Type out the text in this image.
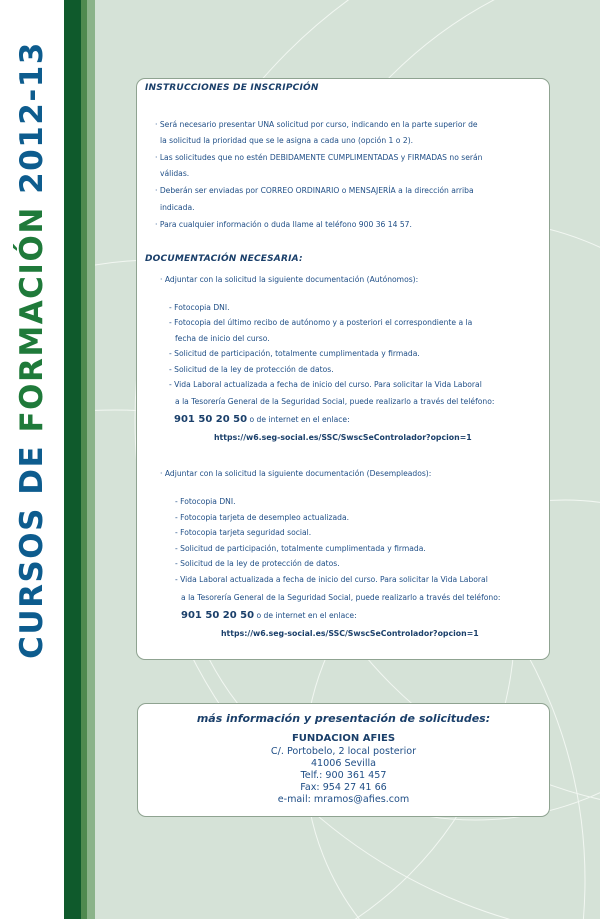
CURSOS DE FORMACIÓN 2012-13	INSTRUCCIONES DE INSCRIPCIÓN
· Será necesario presentar UNA solicitud por curso, indicando en la parte superior de
la solicitud la prioridad que se le asigna a cada uno (opción 1 o 2).
· Las solicitudes que no estén DEBIDAMENTE CUMPLIMENTADAS y FIRMADAS no serán
válidas.
· Deberán ser enviadas por CORREO ORDINARIO o MENSAJERÍA a la dirección arriba
indicada.
· Para cualquier información o duda llame al teléfono 900 36 14 57.
DOCUMENTACIÓN NECESARIA:
· Adjuntar con la solicitud la siguiente documentación (Autónomos):
- Fotocopia DNI.
- Fotocopia del último recibo de autónomo y a posteriori el correspondiente a la
fecha de inicio del curso.
- Solicitud de participación, totalmente cumplimentada y firmada.
- Solicitud de la ley de protección de datos.
- Vida Laboral actualizada a fecha de inicio del curso. Para solicitar la Vida Laboral
a la Tesorería General de la Seguridad Social, puede realizarlo a través del teléfono:
901 50 20 50 o de internet en el enlace:
https://w6.seg-social.es/SSC/SwscSeControlador?opcion=1
· Adjuntar con la solicitud la siguiente documentación (Desempleados):
- Fotocopia DNI.
- Fotocopia tarjeta de desempleo actualizada.
- Fotocopia tarjeta seguridad social.
- Solicitud de participación, totalmente cumplimentada y firmada.
- Solicitud de la ley de protección de datos.
- Vida Laboral actualizada a fecha de inicio del curso. Para solicitar la Vida Laboral
a la Tesorería General de la Seguridad Social, puede realizarlo a través del teléfono:
901 50 20 50 o de internet en el enlace:
https://w6.seg-social.es/SSC/SwscSeControlador?opcion=1
más información y presentación de solicitudes:
FUNDACION AFIES
C/. Portobelo, 2 local posterior
41006 Sevilla
Telf.: 900 361 457
Fax: 954 27 41 66
e-mail: mramos@afies.com
